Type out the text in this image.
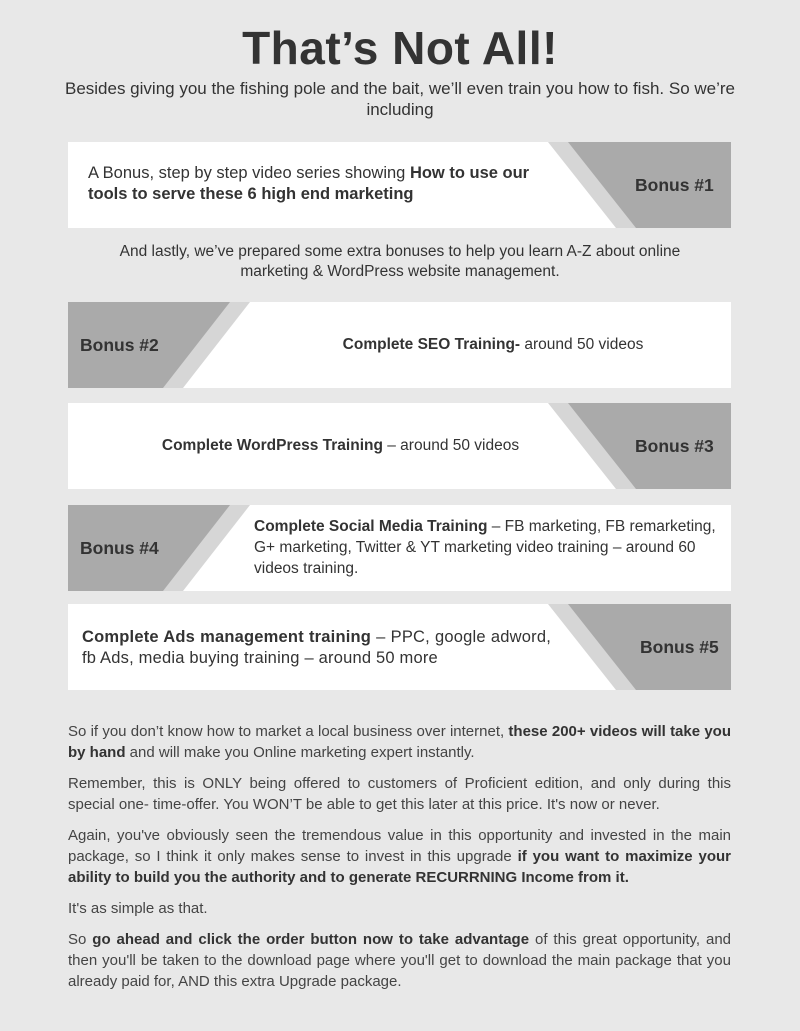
That’s Not All!
Besides giving you the fishing pole and the bait, we’ll even train you how to fish. So we’re including
Bonus #1
A Bonus, step by step video series showing How to use our tools to serve these 6 high end marketing
And lastly, we’ve prepared some extra bonuses to help you learn A-Z about online marketing & WordPress website management.
Bonus #2	Complete SEO Training- around 50 videos
Bonus #3
Complete WordPress Training – around 50 videos
Bonus #4
Complete Social Media Training – FB marketing, FB remarketing, G+ marketing, Twitter & YT marketing video training – around 60 videos training.
Bonus #5
Complete Ads management training – PPC, google adword, fb Ads, media buying training – around 50 more

So if you don’t know how to market a local business over internet, these 200+ videos will take you by hand and will make you Online marketing expert instantly.

Remember, this is ONLY being offered to customers of Proficient edition, and only during this special one- time-offer. You WON’T be able to get this later at this price. It's now or never.

Again, you've obviously seen the tremendous value in this opportunity and invested in the main package, so I think it only makes sense to invest in this upgrade if you want to maximize your ability to build you the authority and to generate RECURRNING Income from it.

It's as simple as that.

So go ahead and click the order button now to take advantage of this great opportunity, and then you'll be taken to the download page where you'll get to download the main package that you already paid for, AND this extra Upgrade package.
